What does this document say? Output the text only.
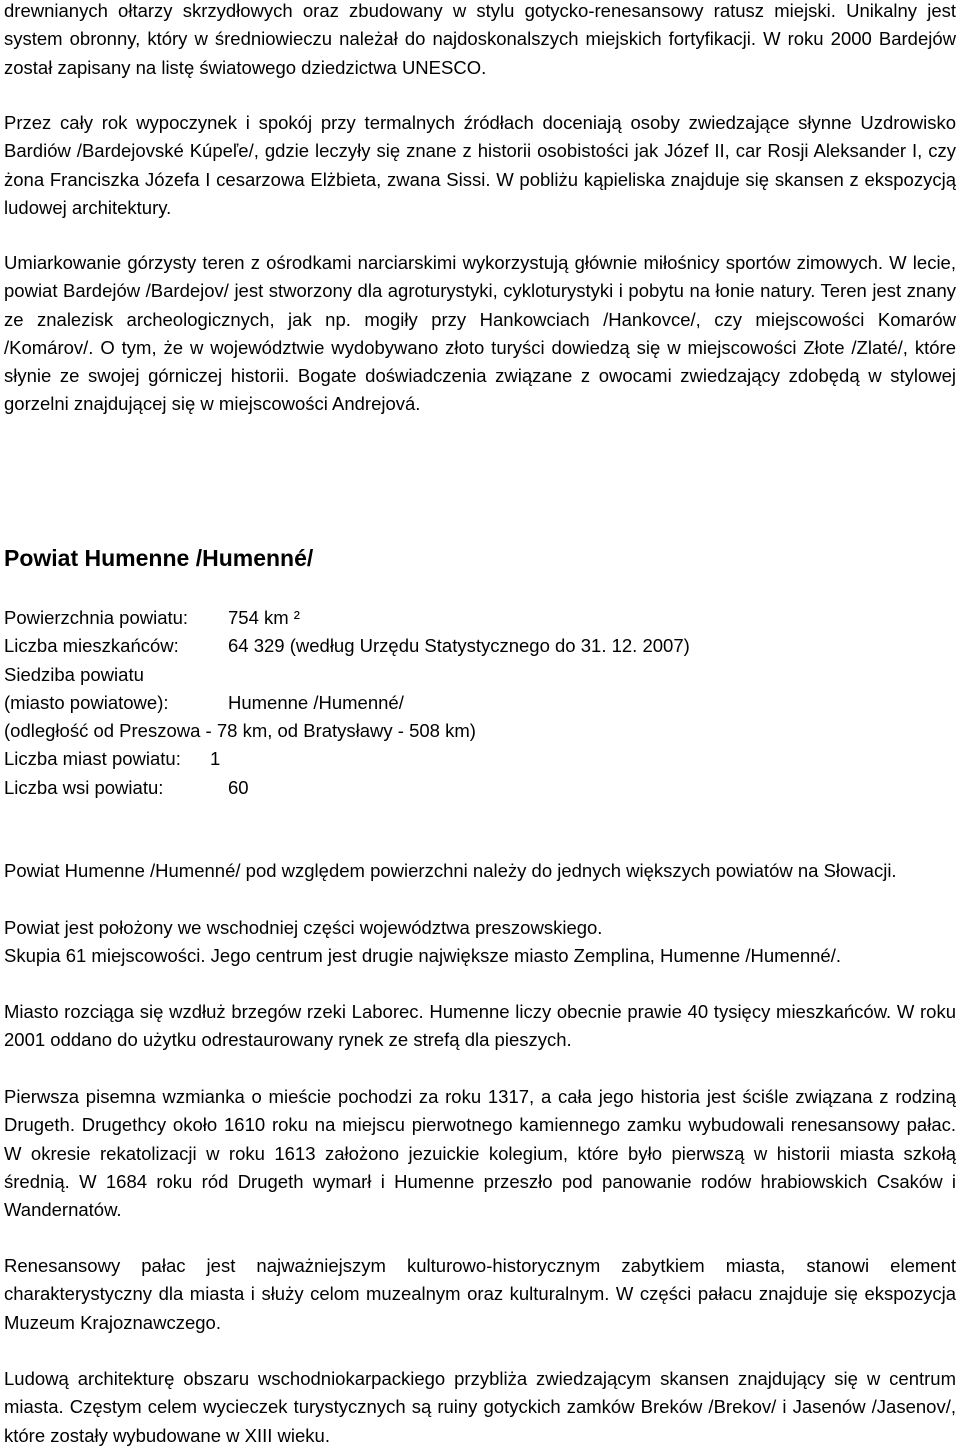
drewnianych ołtarzy skrzydłowych oraz zbudowany w stylu gotycko-renesansowy ratusz miejski. Unikalny jest system obronny, który w średniowieczu należał do najdoskonalszych miejskich fortyfikacji. W roku 2000 Bardejów został zapisany na listę światowego dziedzictwa UNESCO.

Przez cały rok wypoczynek i spokój przy termalnych źródłach doceniają osoby zwiedzające słynne Uzdrowisko Bardiów /Bardejovské Kúpeľe/, gdzie leczyły się znane z historii osobistości jak Józef II, car Rosji Aleksander I, czy żona Franciszka Józefa I cesarzowa Elżbieta, zwana Sissi. W pobliżu kąpieliska znajduje się skansen z ekspozycją ludowej architektury.

Umiarkowanie górzysty teren z ośrodkami narciarskimi wykorzystują głównie miłośnicy sportów zimowych. W lecie, powiat Bardejów /Bardejov/ jest stworzony dla agroturystyki, cykloturystyki i pobytu na łonie natury. Teren jest znany ze znalezisk archeologicznych, jak np. mogiły przy Hankowciach /Hankovce/, czy miejscowości Komarów /Komárov/. O tym, że w województwie wydobywano złoto turyści dowiedzą się w miejscowości Złote /Zlaté/, które słynie ze swojej górniczej historii. Bogate doświadczenia związane z owocami zwiedzający zdobędą w stylowej gorzelni znajdującej się w miejscowości Andrejová.

Powiat Humenne /Humenné/
Powierzchnia powiatu:	754 km ²
Liczba mieszkańców:	64 329 (według Urzędu Statystycznego do 31. 12. 2007)
Siedziba powiatu
(miasto powiatowe):	Humenne /Humenné/
(odległość od Preszowa - 78 km, od Bratysławy - 508 km)
Liczba miast powiatu:	1
Liczba wsi powiatu:	60

Powiat Humenne /Humenné/ pod względem powierzchni należy do jednych większych powiatów na Słowacji.

Powiat jest położony we wschodniej części województwa preszowskiego.

Skupia 61 miejscowości. Jego centrum jest drugie największe miasto Zemplina, Humenne /Humenné/.

Miasto rozciąga się wzdłuż brzegów rzeki Laborec. Humenne liczy obecnie prawie 40 tysięcy mieszkańców. W roku 2001 oddano do użytku odrestaurowany rynek ze strefą dla pieszych.

Pierwsza pisemna wzmianka o mieście pochodzi za roku 1317, a cała jego historia jest ściśle związana z rodziną Drugeth. Drugethcy około 1610 roku na miejscu pierwotnego kamiennego zamku wybudowali renesansowy pałac. W okresie rekatolizacji w roku 1613 założono jezuickie kolegium, które było pierwszą w historii miasta szkołą średnią. W 1684 roku ród Drugeth wymarł i Humenne przeszło pod panowanie rodów hrabiowskich Csaków i Wandernatów.

Renesansowy pałac jest najważniejszym kulturowo-historycznym zabytkiem miasta, stanowi element charakterystyczny dla miasta i służy celom muzealnym oraz kulturalnym. W części pałacu znajduje się ekspozycja Muzeum Krajoznawczego.

Ludową architekturę obszaru wschodniokarpackiego przybliża zwiedzającym skansen znajdujący się w centrum miasta. Częstym celem wycieczek turystycznych są ruiny gotyckich zamków Breków /Brekov/ i Jasenów /Jasenov/, które zostały wybudowane w XIII wieku.
